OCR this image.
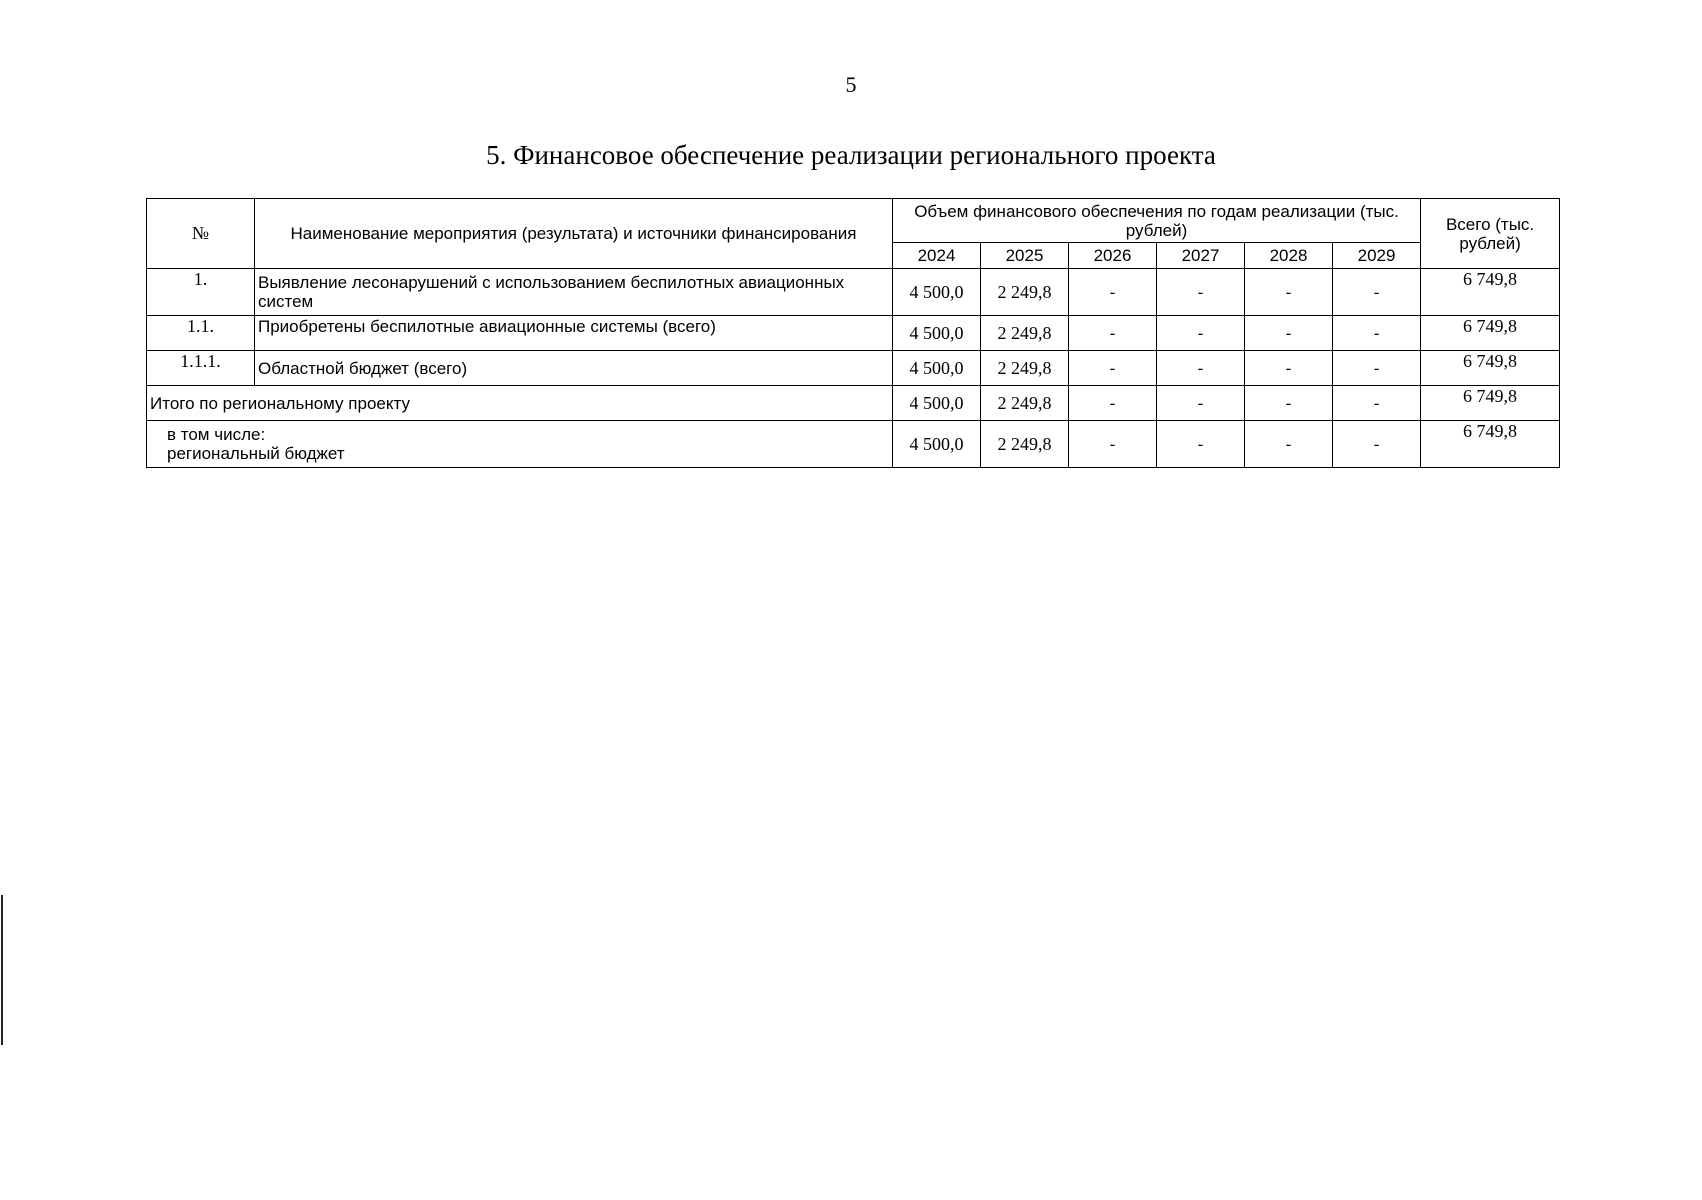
5
5. Финансовое обеспечение реализации регионального проекта
№	Наименование мероприятия (результата) и источники финансирования	Объем финансового обеспечения по годам реализации (тыс. рублей)						Всего (тыс. рублей)
		2024	2025	2026	2027	2028	2029	
1.	Выявление лесонарушений с использованием беспилотных авиационных систем	4 500,0	2 249,8	-	-	-	-	6 749,8
1.1.	Приобретены беспилотные авиационные системы (всего)	4 500,0	2 249,8	-	-	-	-	6 749,8
1.1.1.	Областной бюджет (всего)	4 500,0	2 249,8	-	-	-	-	6 749,8
Итого по региональному проекту		4 500,0	2 249,8	-	-	-	-	6 749,8

в том числе:
региональный бюджет		4 500,0	2 249,8	-	-	-	-	6 749,8
